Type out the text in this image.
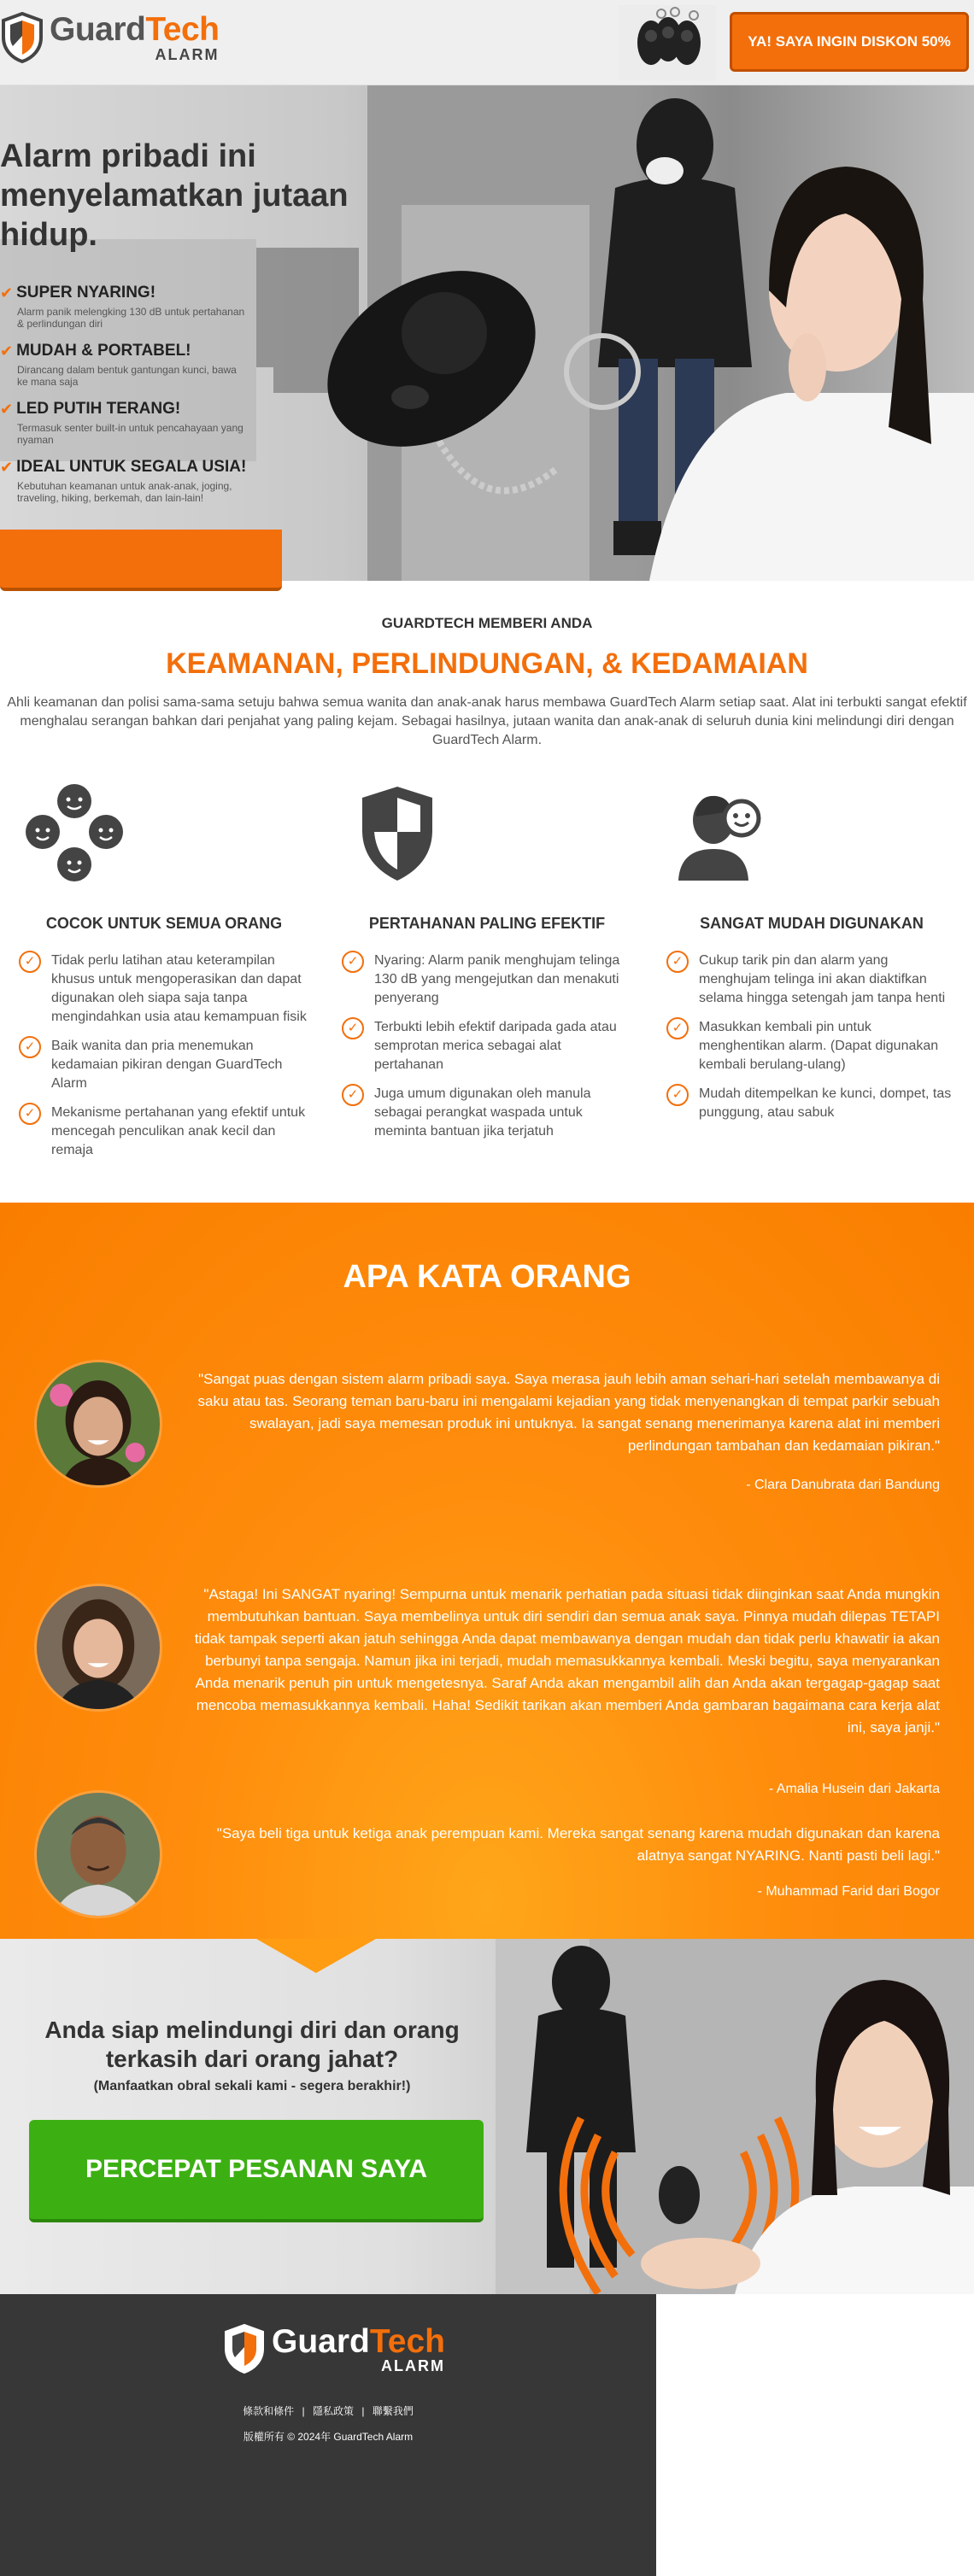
GuardTech
ALARM
YA! SAYA INGIN DISKON 50%
Alarm pribadi ini menyelamatkan jutaan hidup.
✔ SUPER NYARING!
Alarm panik melengking 130 dB untuk pertahanan & perlindungan diri
✔ MUDAH & PORTABEL!
Dirancang dalam bentuk gantungan kunci, bawa ke mana saja
✔ LED PUTIH TERANG!
Termasuk senter built-in untuk pencahayaan yang nyaman
✔ IDEAL UNTUK SEGALA USIA!
Kebutuhan keamanan untuk anak-anak, joging, traveling, hiking, berkemah, dan lain-lain!
GUARDTECH MEMBERI ANDA
KEAMANAN, PERLINDUNGAN, & KEDAMAIAN
Ahli keamanan dan polisi sama-sama setuju bahwa semua wanita dan anak-anak harus membawa GuardTech Alarm setiap saat. Alat ini terbukti sangat efektif menghalau serangan bahkan dari penjahat yang paling kejam. Sebagai hasilnya, jutaan wanita dan anak-anak di seluruh dunia kini melindungi diri dengan GuardTech Alarm.
COCOK UNTUK SEMUA ORANG
✓	Tidak perlu latihan atau keterampilan khusus untuk mengoperasikan dan dapat digunakan oleh siapa saja tanpa mengindahkan usia atau kemampuan fisik
✓	Baik wanita dan pria menemukan kedamaian pikiran dengan GuardTech Alarm
✓	Mekanisme pertahanan yang efektif untuk mencegah penculikan anak kecil dan remaja
PERTAHANAN PALING EFEKTIF
✓	Nyaring: Alarm panik menghujam telinga 130 dB yang mengejutkan dan menakuti penyerang
✓	Terbukti lebih efektif daripada gada atau semprotan merica sebagai alat pertahanan
✓	Juga umum digunakan oleh manula sebagai perangkat waspada untuk meminta bantuan jika terjatuh
SANGAT MUDAH DIGUNAKAN
✓	Cukup tarik pin dan alarm yang menghujam telinga ini akan diaktifkan selama hingga setengah jam tanpa henti
✓	Masukkan kembali pin untuk menghentikan alarm. (Dapat digunakan kembali berulang-ulang)
✓	Mudah ditempelkan ke kunci, dompet, tas punggung, atau sabuk
APA KATA ORANG
"Sangat puas dengan sistem alarm pribadi saya. Saya merasa jauh lebih aman sehari-hari setelah membawanya di saku atau tas. Seorang teman baru-baru ini mengalami kejadian yang tidak menyenangkan di tempat parkir sebuah swalayan, jadi saya memesan produk ini untuknya. Ia sangat senang menerimanya karena alat ini memberi perlindungan tambahan dan kedamaian pikiran."
- Clara Danubrata dari Bandung
"Astaga! Ini SANGAT nyaring! Sempurna untuk menarik perhatian pada situasi tidak diinginkan saat Anda mungkin membutuhkan bantuan. Saya membelinya untuk diri sendiri dan semua anak saya. Pinnya mudah dilepas TETAPI tidak tampak seperti akan jatuh sehingga Anda dapat membawanya dengan mudah dan tidak perlu khawatir ia akan berbunyi tanpa sengaja. Namun jika ini terjadi, mudah memasukkannya kembali. Meski begitu, saya menyarankan Anda menarik penuh pin untuk mengetesnya. Saraf Anda akan mengambil alih dan Anda akan tergagap-gagap saat mencoba memasukkannya kembali. Haha! Sedikit tarikan akan memberi Anda gambaran bagaimana cara kerja alat ini, saya janji."
- Amalia Husein dari Jakarta
"Saya beli tiga untuk ketiga anak perempuan kami. Mereka sangat senang karena mudah digunakan dan karena alatnya sangat NYARING. Nanti pasti beli lagi."
- Muhammad Farid dari Bogor
Anda siap melindungi diri dan orang terkasih dari orang jahat?
(Manfaatkan obral sekali kami - segera berakhir!)
PERCEPAT PESANAN SAYA
GuardTech
ALARM
條款和條件 | 隱私政策 | 聯繫我們
版權所有 © 2024年 GuardTech Alarm
